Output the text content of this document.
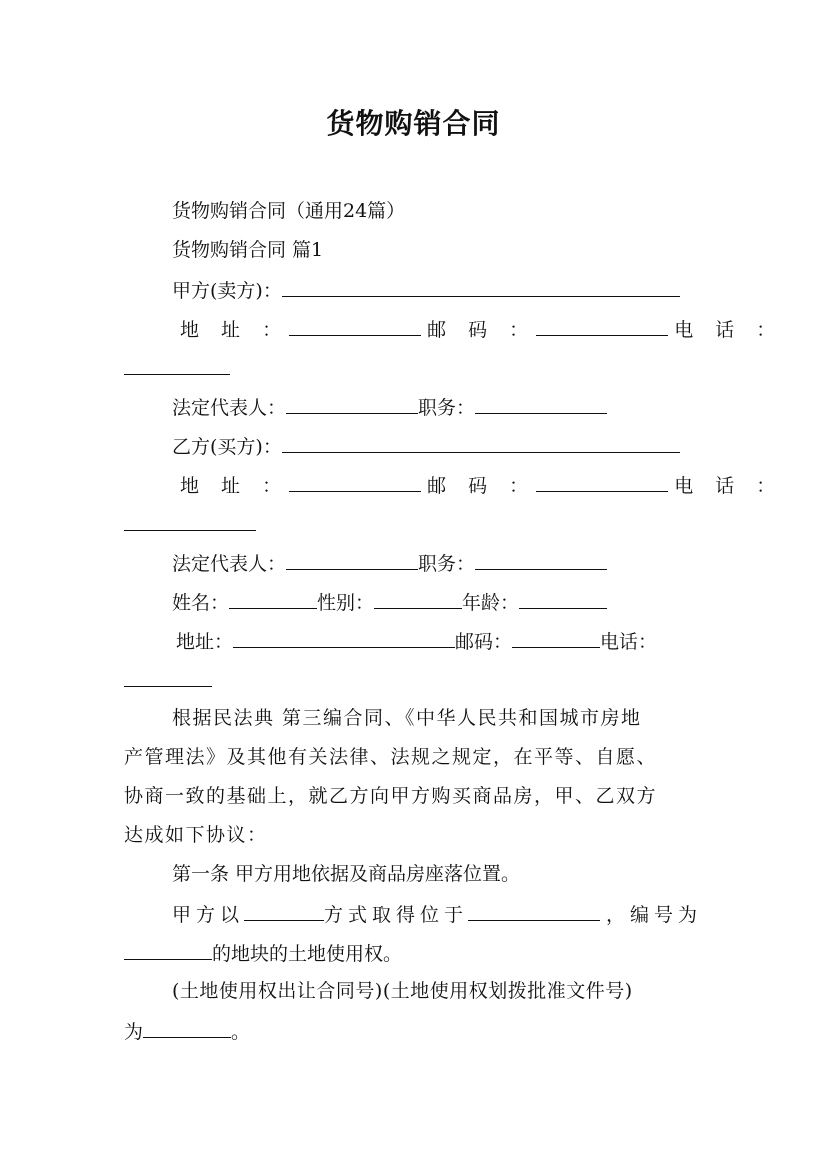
货物购销合同
货物购销合同（通用24篇）
货物购销合同 篇1
甲方(卖方)：
地 址 ：	邮 码 ：	电 话 ：
法定代表人：	职务：
乙方(买方)：
地 址 ：	邮 码 ：	电 话 ：
法定代表人：	职务：
姓名：	性别：	年龄：
地址：	邮码：	电话：
根据民法典 第三编合同、《中华人民共和国城市房地
产管理法》及其他有关法律、法规之规定，在平等、自愿、
协商一致的基础上，就乙方向甲方购买商品房，甲、乙双方
达成如下协议：
第一条 甲方用地依据及商品房座落位置。
甲方以	方式取得位于	，编号为
的地块的土地使用权。
(土地使用权出让合同号)(土地使用权划拨批准文件号)
为	。
